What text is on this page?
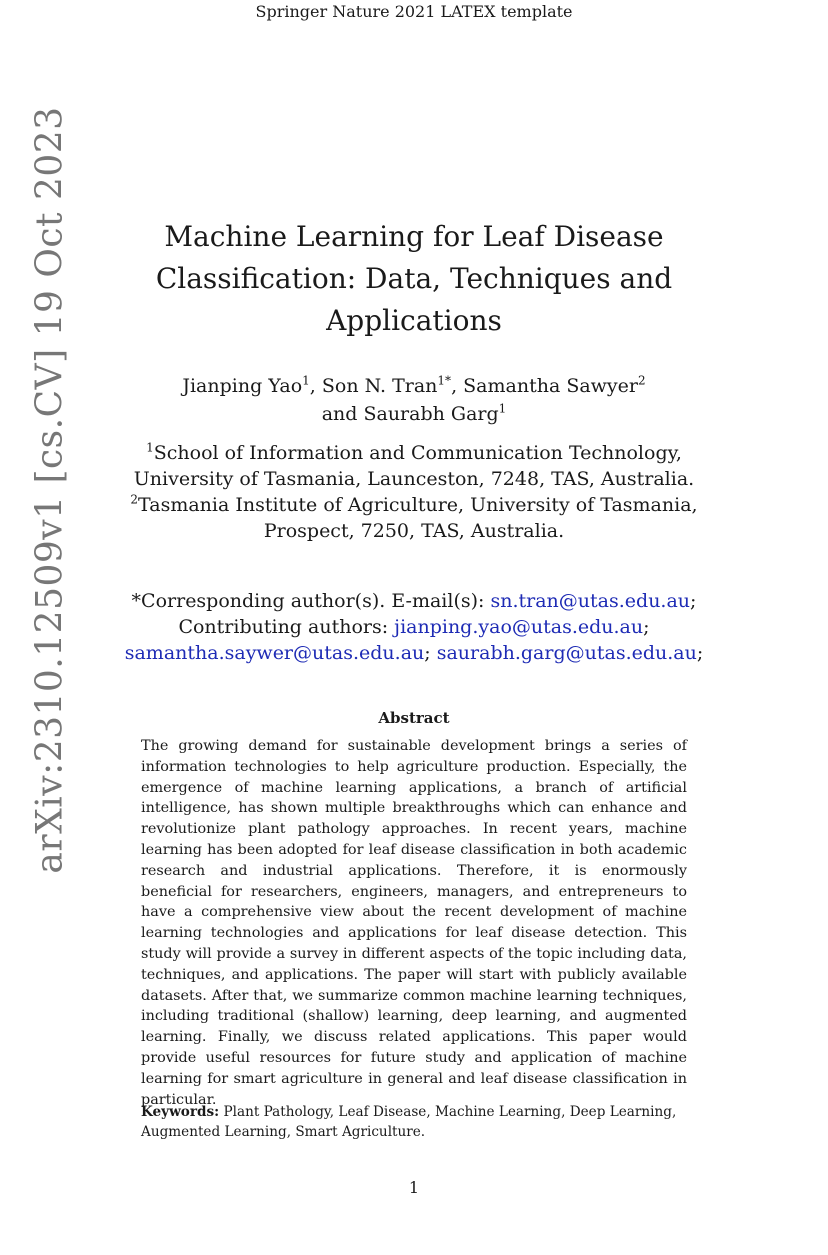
Springer Nature 2021 LATEX template
arXiv:2310.12509v1 [cs.CV] 19 Oct 2023	Machine Learning for Leaf Disease
Classification: Data, Techniques and
Applications
Jianping Yao$^1$, Son N. Tran$^{1*}$, Samantha Sawyer$^2$
and Saurabh Garg$^1$
$^1$School of Information and Communication Technology,
University of Tasmania, Launceston, 7248, TAS, Australia.
$^2$Tasmania Institute of Agriculture, University of Tasmania,
Prospect, 7250, TAS, Australia.
*Corresponding author(s). E-mail(s): sn.tran@utas.edu.au;
Contributing authors: jianping.yao@utas.edu.au;
samantha.saywer@utas.edu.au; saurabh.garg@utas.edu.au;
Abstract
The growing demand for sustainable development brings a series of information technologies to help agriculture production. Especially, the emergence of machine learning applications, a branch of artificial intelligence, has shown multiple breakthroughs which can enhance and revolutionize plant pathology approaches. In recent years, machine learning has been adopted for leaf disease classification in both academic research and industrial applications. Therefore, it is enormously beneficial for researchers, engineers, managers, and entrepreneurs to have a comprehensive view about the recent development of machine learning technologies and applications for leaf disease detection. This study will provide a survey in different aspects of the topic including data, techniques, and applications. The paper will start with publicly available datasets. After that, we summarize common machine learning techniques, including traditional (shallow) learning, deep learning, and augmented learning. Finally, we discuss related applications. This paper would provide useful resources for future study and application of machine learning for smart agriculture in general and leaf disease classification in particular.
Keywords: Plant Pathology, Leaf Disease, Machine Learning, Deep Learning, Augmented Learning, Smart Agriculture.
1
